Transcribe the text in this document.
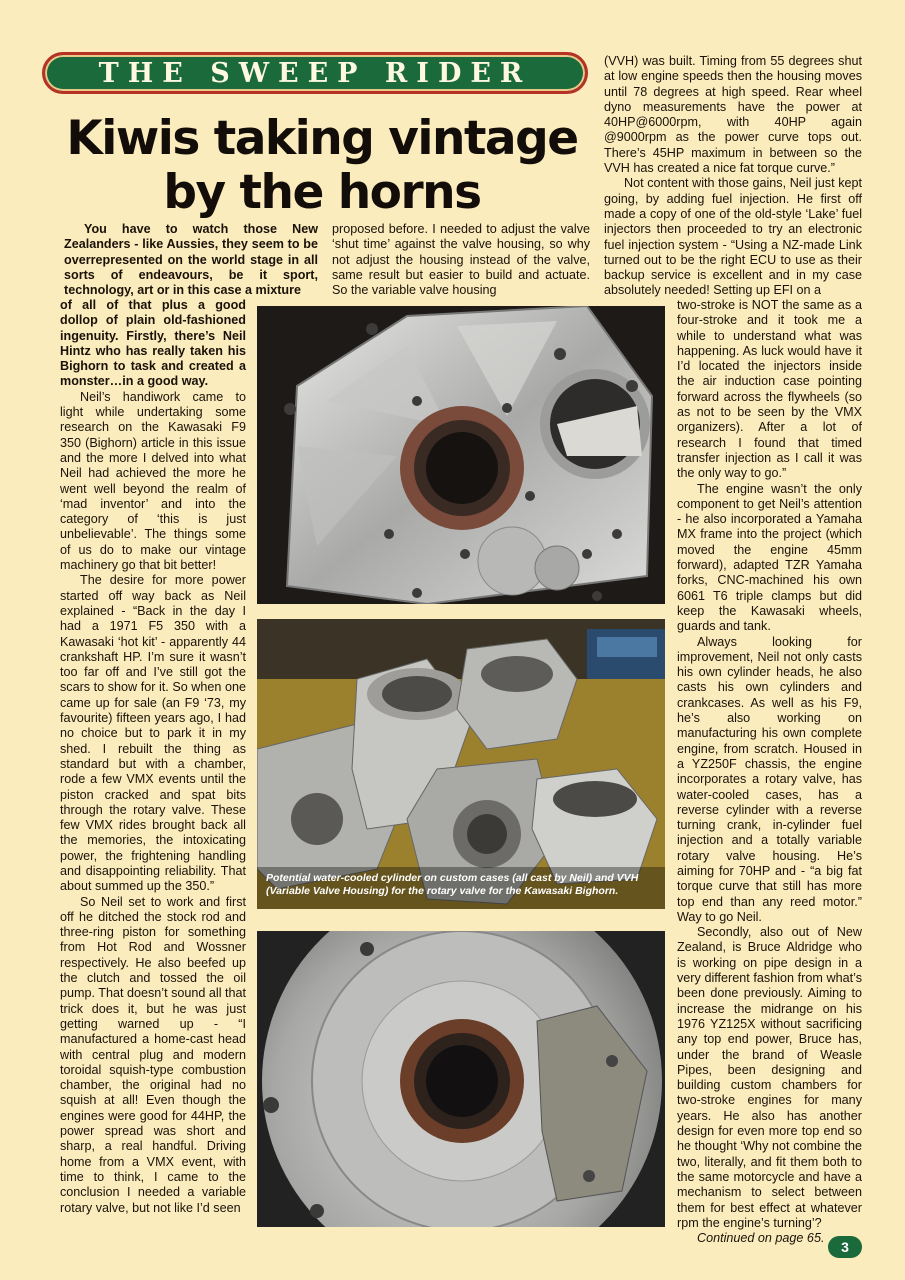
THE SWEEP RIDER
Kiwis taking vintage by the horns

You have to watch those New Zealanders - like Aussies, they seem to be overrepresented on the world stage in all sorts of endeavours, be it sport, technology, art or in this case a mixture

of all of that plus a good dollop of plain old-fashioned ingenuity. Firstly, there’s Neil Hintz who has really taken his Bighorn to task and created a monster…in a good way.

Neil’s handiwork came to light while undertaking some research on the Kawasaki F9 350 (Bighorn) article in this issue and the more I delved into what Neil had achieved the more he went well beyond the realm of ‘mad inventor’ and into the category of ‘this is just unbelievable’. The things some of us do to make our vintage machinery go that bit better!

The desire for more power started off way back as Neil explained - “Back in the day I had a 1971 F5 350 with a Kawasaki ‘hot kit’ - apparently 44 crankshaft HP. I’m sure it wasn’t too far off and I’ve still got the scars to show for it. So when one came up for sale (an F9 ‘73, my favourite) fifteen years ago, I had no choice but to park it in my shed. I rebuilt the thing as standard but with a chamber, rode a few VMX events until the piston cracked and spat bits through the rotary valve. These few VMX rides brought back all the memories, the intoxicating power, the frightening handling and disappointing reliability. That about summed up the 350.”

So Neil set to work and first off he ditched the stock rod and three-ring piston for something from Hot Rod and Wossner respectively. He also beefed up the clutch and tossed the oil pump. That doesn’t sound all that trick does it, but he was just getting warned up - “I manufactured a home-cast head with central plug and modern toroidal squish-type combustion chamber, the original had no squish at all! Even though the engines were good for 44HP, the power spread was short and sharp, a real handful. Driving home from a VMX event, with time to think, I came to the conclusion I needed a variable rotary valve, but not like I’d seen

proposed before. I needed to adjust the valve ‘shut time’ against the valve housing, so why not adjust the housing instead of the valve, same result but easier to build and actuate. So the variable valve housing

(VVH) was built. Timing from 55 degrees shut at low engine speeds then the housing moves until 78 degrees at high speed. Rear wheel dyno measurements have the power at 40HP@6000rpm, with 40HP again @9000rpm as the power curve tops out. There’s 45HP maximum in between so the VVH has created a nice fat torque curve.”

Not content with those gains, Neil just kept going, by adding fuel injection. He first off made a copy of one of the old-style ‘Lake’ fuel injectors then proceeded to try an electronic fuel injection system - “Using a NZ-made Link turned out to be the right ECU to use as their backup service is excellent and in my case absolutely needed! Setting up EFI on a

two-stroke is NOT the same as a four-stroke and it took me a while to understand what was happening. As luck would have it I’d located the injectors inside the air induction case pointing forward across the flywheels (so as not to be seen by the VMX organizers). After a lot of research I found that timed transfer injection as I call it was the only way to go.”

The engine wasn’t the only component to get Neil’s attention - he also incorporated a Yamaha MX frame into the project (which moved the engine 45mm forward), adapted TZR Yamaha forks, CNC-machined his own 6061 T6 triple clamps but did keep the Kawasaki wheels, guards and tank.

Always looking for improvement, Neil not only casts his own cylinder heads, he also casts his own cylinders and crankcases. As well as his F9, he’s also working on manufacturing his own complete engine, from scratch. Housed in a YZ250F chassis, the engine incorporates a rotary valve, has water-cooled cases, has a reverse cylinder with a reverse turning crank, in-cylinder fuel injection and a totally variable rotary valve housing. He’s aiming for 70HP and - “a big fat torque curve that still has more top end than any reed motor.” Way to go Neil.

Secondly, also out of New Zealand, is Bruce Aldridge who is working on pipe design in a very different fashion from what’s been done previously. Aiming to increase the midrange on his 1976 YZ125X without sacrificing any top end power, Bruce has, under the brand of Weasle Pipes, been designing and building custom chambers for two-stroke engines for many years. He also has another design for even more top end so he thought ‘Why not combine the two, literally, and fit them both to the same motorcycle and have a mechanism to select between them for best effect at whatever rpm the engine’s turning’?

Continued on page 65.

Potential water-cooled cylinder on custom cases (all cast by Neil) and VVH (Variable Valve Housing) for the rotary valve for the Kawasaki Bighorn.
3
